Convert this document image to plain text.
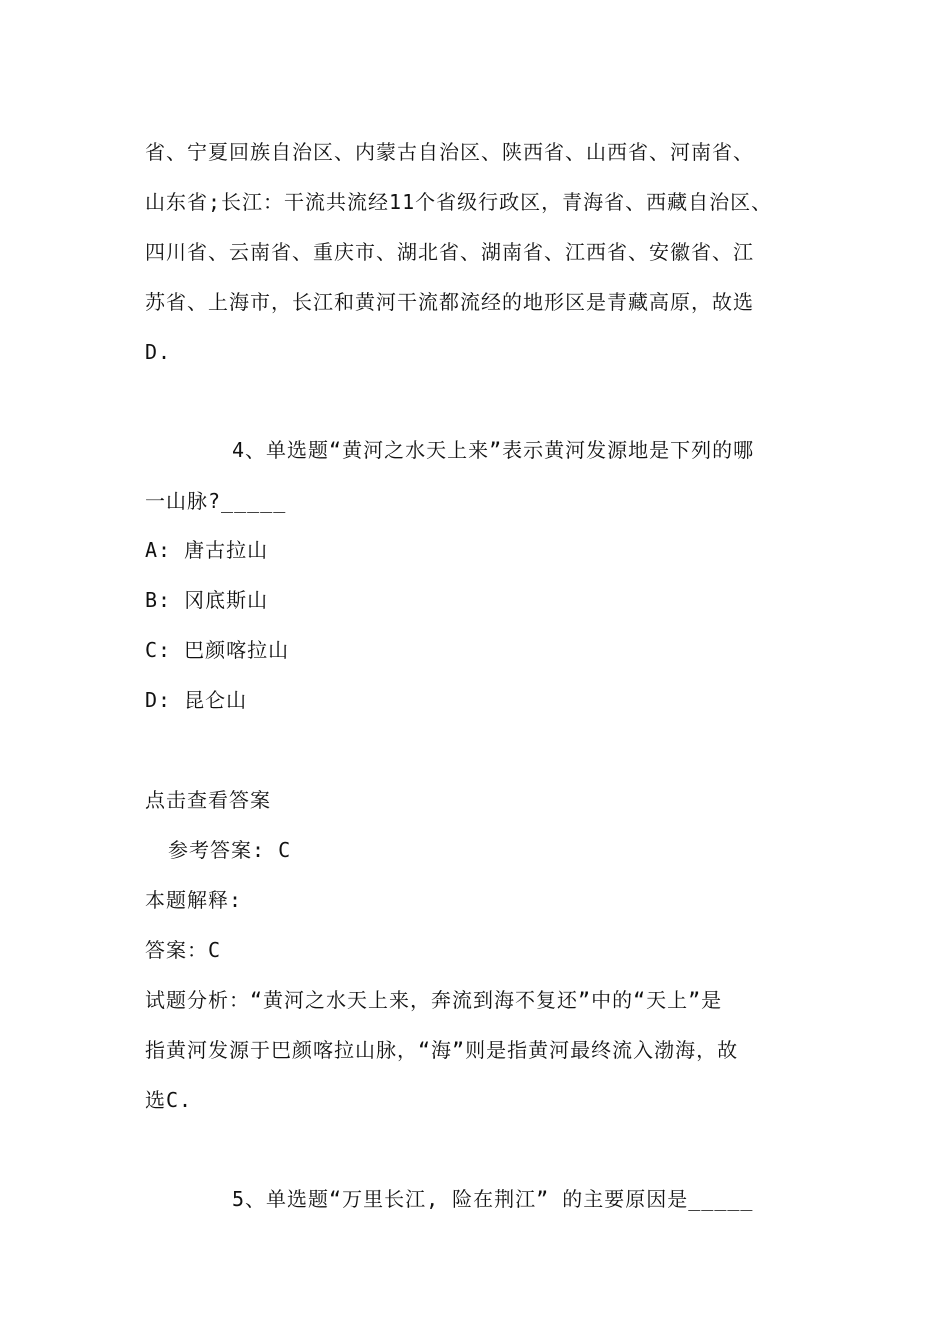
省、宁夏回族自治区、内蒙古自治区、陕西省、山西省、河南省、
山东省;长江：干流共流经11个省级行政区，青海省、西藏自治区、
四川省、云南省、重庆市、湖北省、湖南省、江西省、安徽省、江
苏省、上海市，长江和黄河干流都流经的地形区是青藏高原，故选
D.
4、单选题“黄河之水天上来”表示黄河发源地是下列的哪
一山脉?_____
A: 唐古拉山
B: 冈底斯山
C: 巴颜喀拉山
D: 昆仑山
点击查看答案
参考答案: C
本题解释:
答案：C
试题分析：“黄河之水天上来，奔流到海不复还”中的“天上”是
指黄河发源于巴颜喀拉山脉，“海”则是指黄河最终流入渤海，故
选C.
5、单选题“万里长江, 险在荆江” 的主要原因是_____
